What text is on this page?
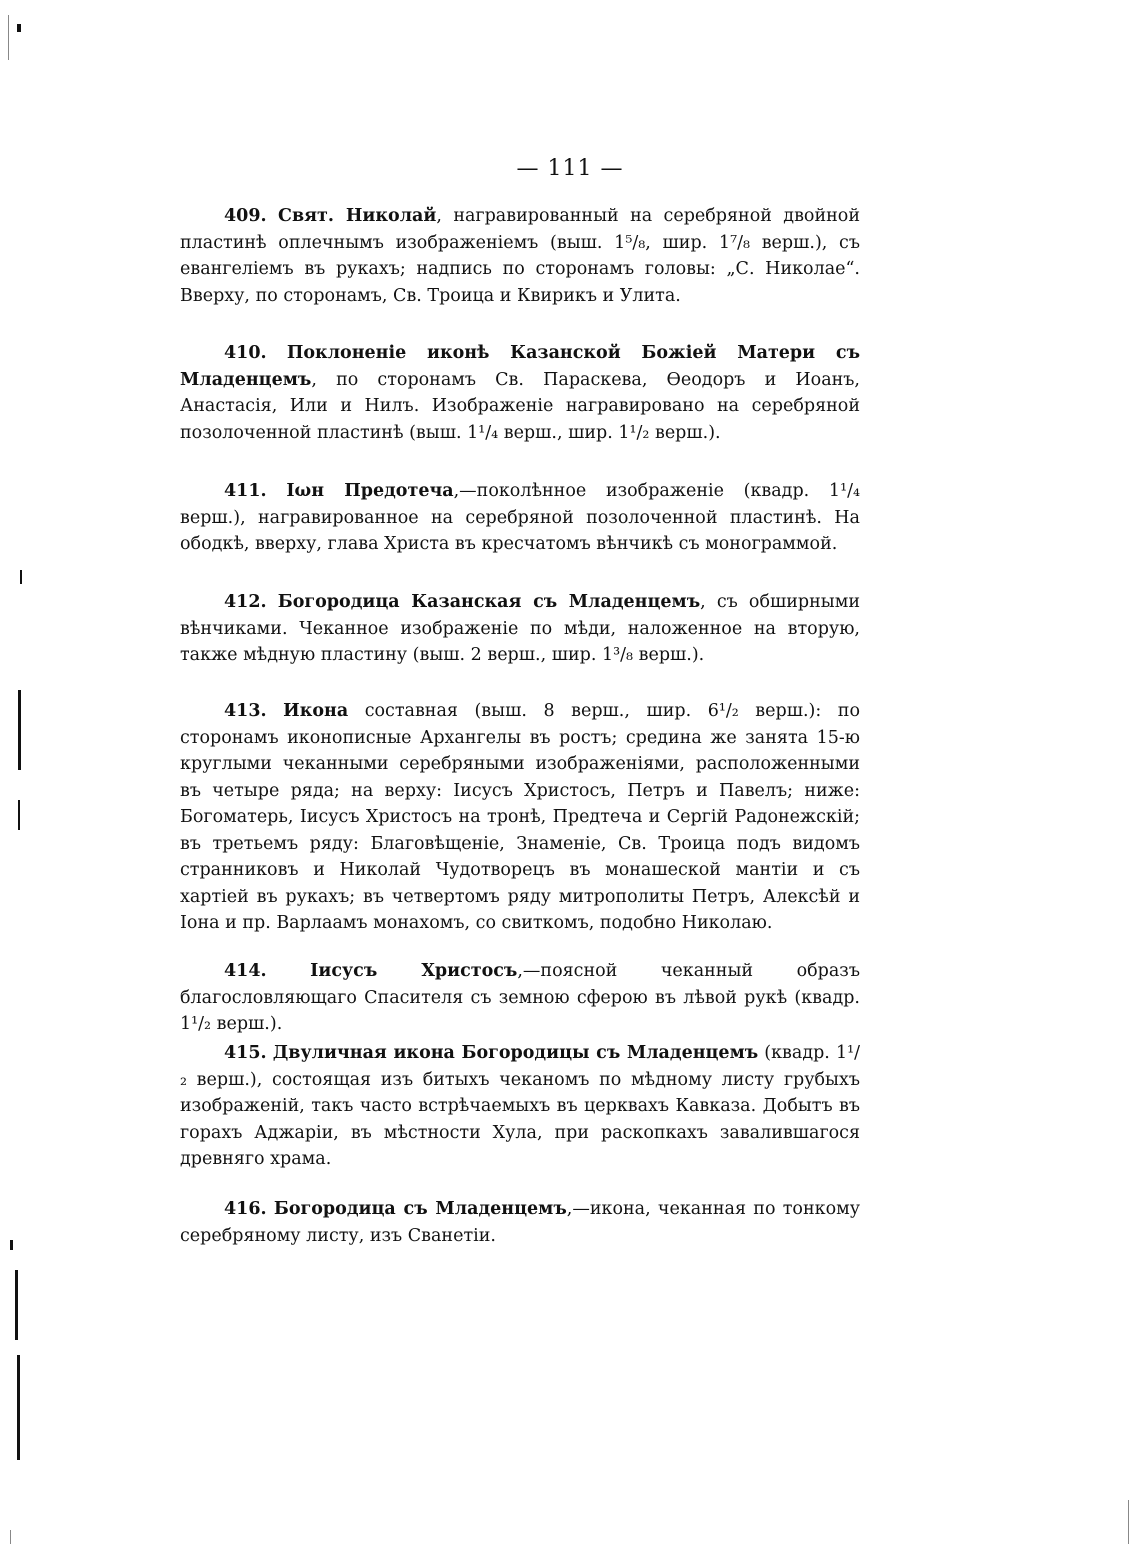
— 111 —

409. Свят. Николай, награвированный на серебряной двойной пластинѣ оплечнымъ изображеніемъ (выш. 1⁵/₈, шир. 1⁷/₈ верш.), съ евангеліемъ въ рукахъ; надпись по сторонамъ головы: „С. Николае“. Вверху, по сторонамъ, Св. Троица и Квирикъ и Улита.

410. Поклоненіе иконѣ Казанской Божіей Матери съ Младенцемъ, по сторонамъ Св. Параскева, Ѳеодоръ и Иоанъ, Анастасія, Или и Нилъ. Изображеніе награвировано на серебряной позолоченной пластинѣ (выш. 1¹/₄ верш., шир. 1¹/₂ верш.).

411. Іωн Предотеча,—поколѣнное изображеніе (квадр. 1¹/₄ верш.), награвированное на серебряной позолоченной пластинѣ. На ободкѣ, вверху, глава Христа въ кресчатомъ вѣнчикѣ съ монограммой.

412. Богородица Казанская съ Младенцемъ, съ обширными вѣнчиками. Чеканное изображеніе по мѣди, наложенное на вторую, также мѣдную пластину (выш. 2 верш., шир. 1³/₈ верш.).

413. Икона составная (выш. 8 верш., шир. 6¹/₂ верш.): по сторонамъ иконописные Архангелы въ ростъ; средина же занята 15-ю круглыми чеканными серебряными изображеніями, расположенными въ четыре ряда; на верху: Іисусъ Христосъ, Петръ и Павелъ; ниже: Богоматерь, Іисусъ Христосъ на тронѣ, Предтеча и Сергій Радонежскій; въ третьемъ ряду: Благовѣщеніе, Знаменіе, Св. Троица подъ видомъ странниковъ и Николай Чудотворецъ въ монашеской мантіи и съ хартіей въ рукахъ; въ четвертомъ ряду митрополиты Петръ, Алексѣй и Іона и пр. Варлаамъ монахомъ, со свиткомъ, подобно Николаю.

414. Іисусъ Христосъ,—поясной чеканный образъ благословляющаго Спасителя съ земною сферою въ лѣвой рукѣ (квадр. 1¹/₂ верш.).

415. Двуличная икона Богородицы съ Младенцемъ (квадр. 1¹/₂ верш.), состоящая изъ битыхъ чеканомъ по мѣдному листу грубыхъ изображеній, такъ часто встрѣчаемыхъ въ церквахъ Кавказа. Добытъ въ горахъ Аджаріи, въ мѣстности Хула, при раскопкахъ завалившагося древняго храма.

416. Богородица съ Младенцемъ,—икона, чеканная по тонкому серебряному листу, изъ Сванетіи.
